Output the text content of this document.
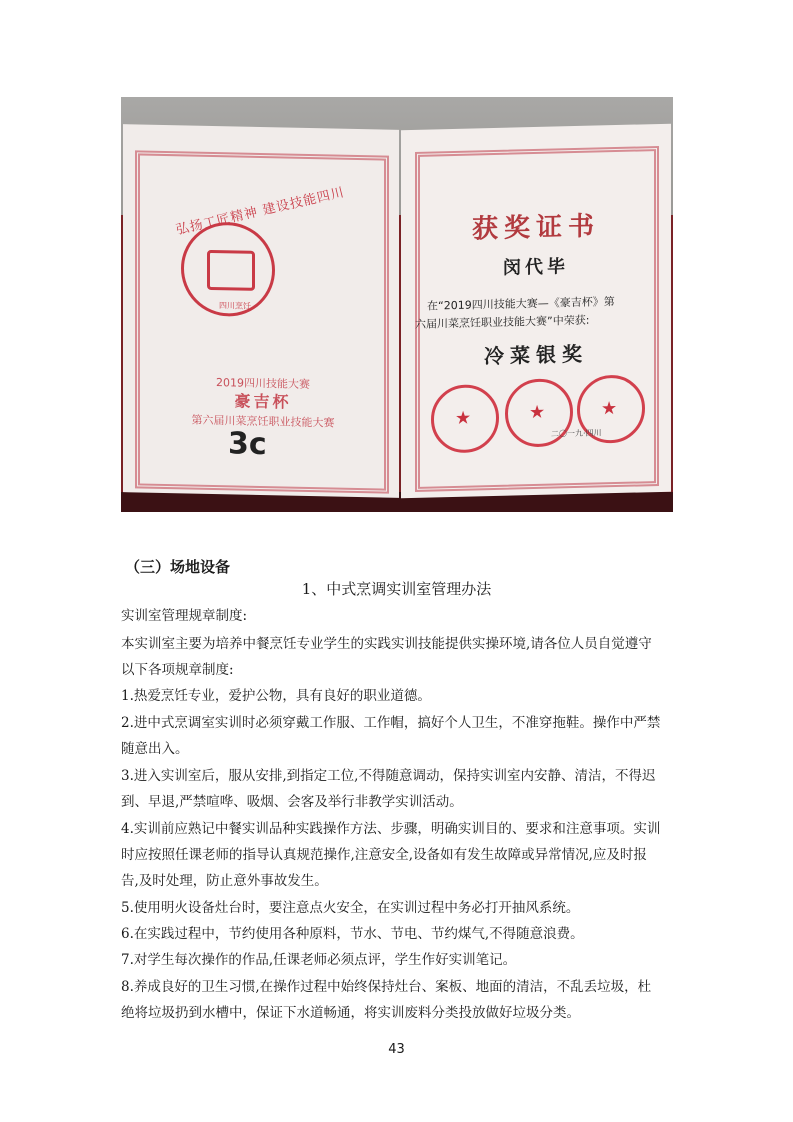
弘扬工匠精神 建设技能四川
四川烹饪
2019四川技能大赛
豪吉杯
第六届川菜烹饪职业技能大赛
3c
获奖证书
闵代毕
在“2019四川技能大赛—《豪吉杯》第
六届川菜烹饪职业技能大赛”中荣获:
冷菜银奖
★	★	★
二〇一九·四川
（三）场地设备
1、中式烹调实训室管理办法
实训室管理规章制度:
本实训室主要为培养中餐烹饪专业学生的实践实训技能提供实操环境,请各位人员自觉遵守
以下各项规章制度:
1.热爱烹饪专业，爱护公物，具有良好的职业道德。
2.进中式烹调室实训时必须穿戴工作服、工作帽，搞好个人卫生，不准穿拖鞋。操作中严禁
随意出入。
3.进入实训室后，服从安排,到指定工位,不得随意调动，保持实训室内安静、清洁，不得迟
到、早退,严禁喧哗、吸烟、会客及举行非教学实训活动。
4.实训前应熟记中餐实训品种实践操作方法、步骤，明确实训目的、要求和注意事项。实训
时应按照任课老师的指导认真规范操作,注意安全,设备如有发生故障或异常情况,应及时报
告,及时处理，防止意外事故发生。
5.使用明火设备灶台时，要注意点火安全，在实训过程中务必打开抽风系统。
6.在实践过程中，节约使用各种原料，节水、节电、节约煤气,不得随意浪费。
7.对学生每次操作的作品,任课老师必须点评，学生作好实训笔记。
8.养成良好的卫生习惯,在操作过程中始终保持灶台、案板、地面的清洁，不乱丢垃圾，杜
绝将垃圾扔到水槽中，保证下水道畅通，将实训废料分类投放做好垃圾分类。
43
